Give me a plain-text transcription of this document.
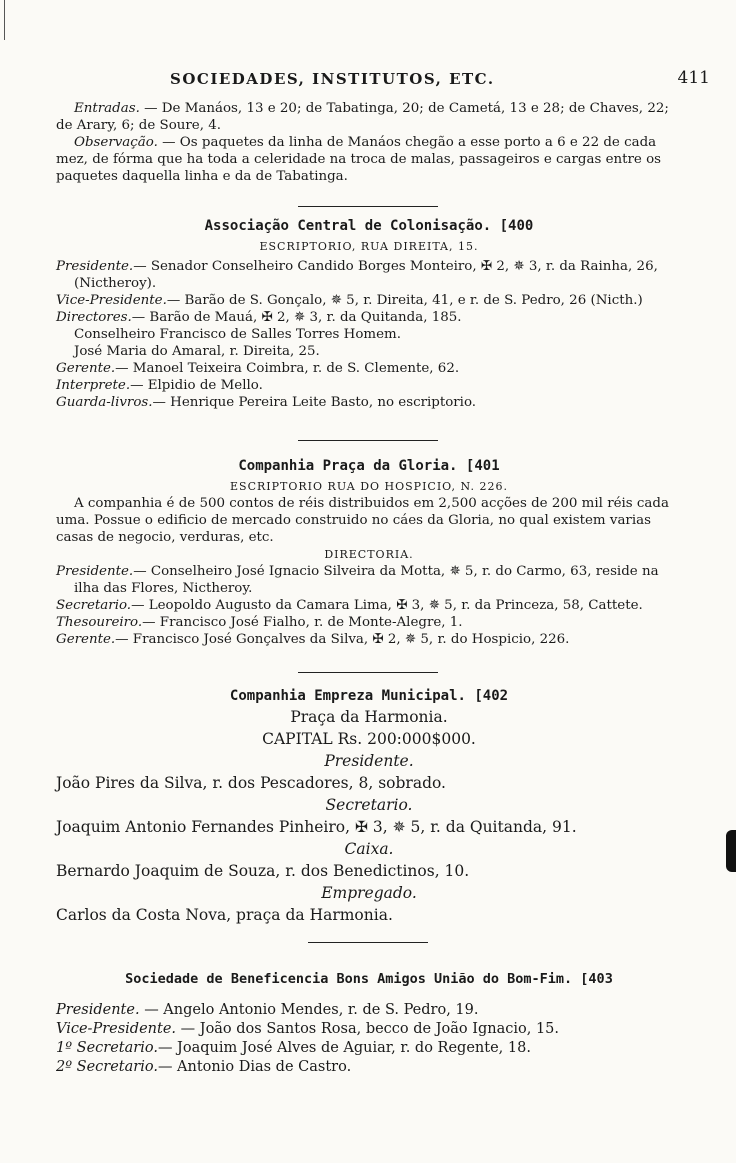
SOCIEDADES, INSTITUTOS, ETC.	411

Entradas. — De Manáos, 13 e 20; de Tabatinga, 20; de Cametá, 13 e 28; de Chaves, 22; de Arary, 6; de Soure, 4.

Observação. — Os paquetes da linha de Manáos chegão a esse porto a 6 e 22 de cada mez, de fórma que ha toda a celeridade na troca de malas, passageiros e cargas entre os paquetes daquella linha e da de Tabatinga.

Associação Central de Colonisação. [400

ESCRIPTORIO, RUA DIREITA, 15.

Presidente.— Senador Conselheiro Candido Borges Monteiro, ✠ 2, ✵ 3, r. da Rainha, 26, (Nictheroy).

Vice-Presidente.— Barão de S. Gonçalo, ✵ 5, r. Direita, 41, e r. de S. Pedro, 26 (Nicth.)

Directores.— Barão de Mauá, ✠ 2, ✵ 3, r. da Quitanda, 185.

Conselheiro Francisco de Salles Torres Homem.

José Maria do Amaral, r. Direita, 25.

Gerente.— Manoel Teixeira Coimbra, r. de S. Clemente, 62.

Interprete.— Elpidio de Mello.

Guarda-livros.— Henrique Pereira Leite Basto, no escriptorio.

Companhia Praça da Gloria. [401

ESCRIPTORIO RUA DO HOSPICIO, N. 226.

A companhia é de 500 contos de réis distribuidos em 2,500 acções de 200 mil réis cada uma. Possue o edificio de mercado construido no cáes da Gloria, no qual existem varias casas de negocio, verduras, etc.

DIRECTORIA.

Presidente.— Conselheiro José Ignacio Silveira da Motta, ✵ 5, r. do Carmo, 63, reside na ilha das Flores, Nictheroy.

Secretario.— Leopoldo Augusto da Camara Lima, ✠ 3, ✵ 5, r. da Princeza, 58, Cattete.

Thesoureiro.— Francisco José Fialho, r. de Monte-Alegre, 1.

Gerente.— Francisco José Gonçalves da Silva, ✠ 2, ✵ 5, r. do Hospicio, 226.

Companhia Empreza Municipal. [402

Praça da Harmonia.

CAPITAL Rs. 200:000$000.

Presidente.

João Pires da Silva, r. dos Pescadores, 8, sobrado.

Secretario.

Joaquim Antonio Fernandes Pinheiro, ✠ 3, ✵ 5, r. da Quitanda, 91.

Caixa.

Bernardo Joaquim de Souza, r. dos Benedictinos, 10.

Empregado.

Carlos da Costa Nova, praça da Harmonia.

Sociedade de Beneficencia Bons Amigos União do Bom-Fim. [403

Presidente. — Angelo Antonio Mendes, r. de S. Pedro, 19.

Vice-Presidente. — João dos Santos Rosa, becco de João Ignacio, 15.

1º Secretario.— Joaquim José Alves de Aguiar, r. do Regente, 18.

2º Secretario.— Antonio Dias de Castro.
